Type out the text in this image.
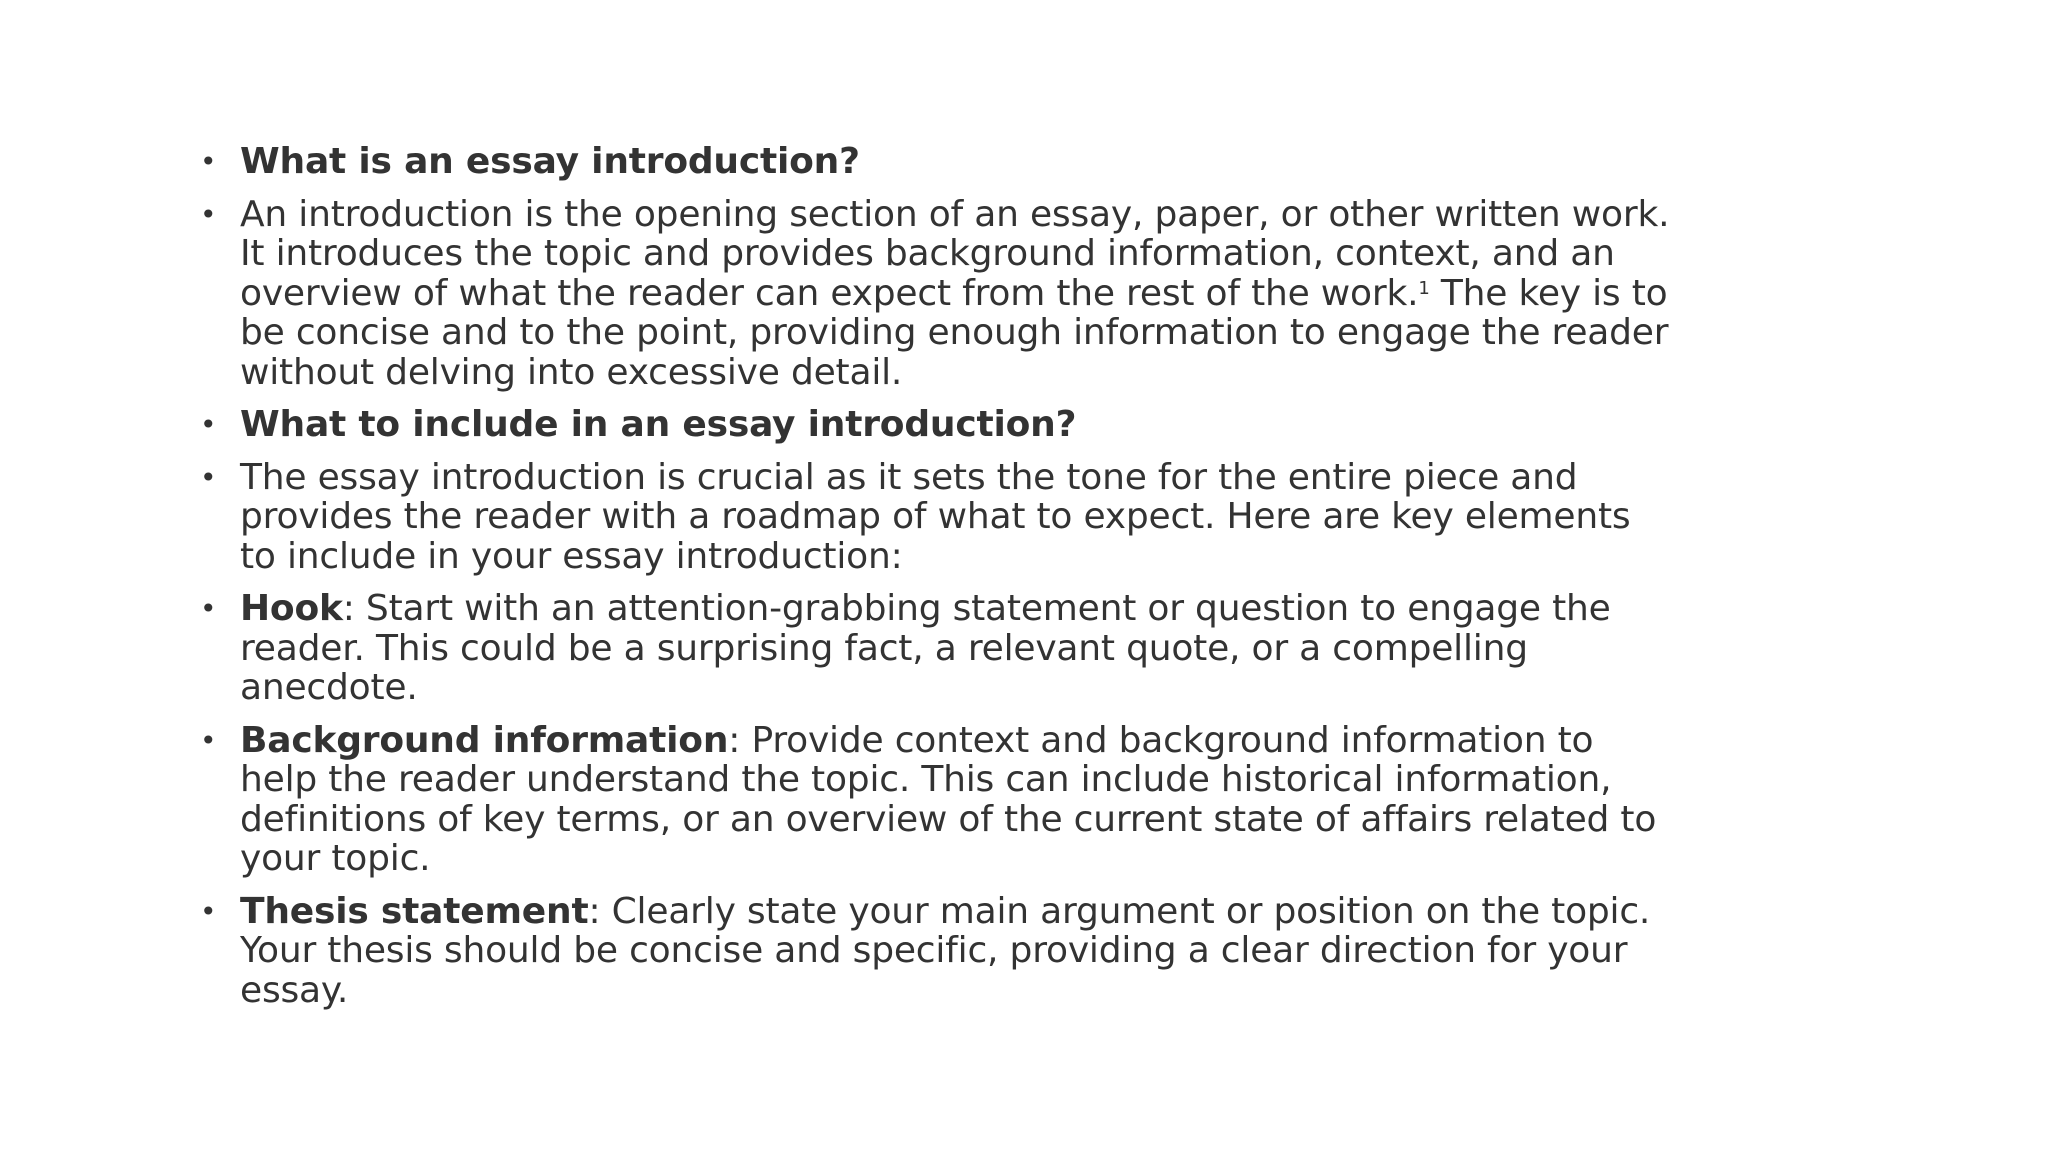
• What is an essay introduction?
• An introduction is the opening section of an essay, paper, or other written work. It introduces the topic and provides background information, context, and an overview of what the reader can expect from the rest of the work.$^1$ The key is to be concise and to the point, providing enough information to engage the reader without delving into excessive detail.
• What to include in an essay introduction?
• The essay introduction is crucial as it sets the tone for the entire piece and provides the reader with a roadmap of what to expect. Here are key elements to include in your essay introduction:
• Hook: Start with an attention-grabbing statement or question to engage the reader. This could be a surprising fact, a relevant quote, or a compelling anecdote.
• Background information: Provide context and background information to help the reader understand the topic. This can include historical information, definitions of key terms, or an overview of the current state of affairs related to your topic.
• Thesis statement: Clearly state your main argument or position on the topic. Your thesis should be concise and specific, providing a clear direction for your essay.
